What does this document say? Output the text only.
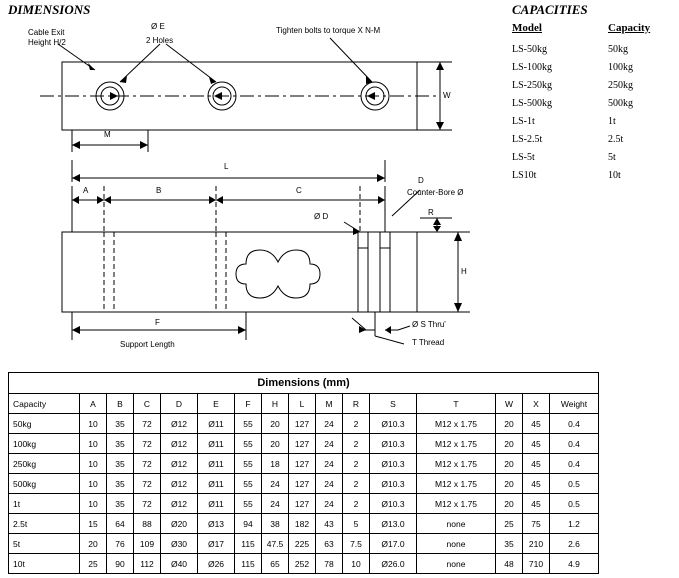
DIMENSIONS	CAPACITIES
Model	Capacity
LS-50kg	50kg
LS-100kg	100kg
LS-250kg	250kg
LS-500kg	500kg
LS-1t	1t
LS-2.5t	2.5t
LS-5t	5t
LS10t	10t
Cable Exit
Height H/2
Ø E
2 Holes
Tighten bolts to torque X N-M
W
M
L
A	B	C
D
Counter-Bore Ø
Ø D	R
H
F
Support Length
Ø S Thru'
T Thread
Dimensions (mm)															
Capacity	A	B	C	D	E	F	H	L	M	R	S	T	W	X	Weight
50kg	10	35	72	Ø12	Ø11	55	20	127	24	2	Ø10.3	M12 x 1.75	20	45	0.4
100kg	10	35	72	Ø12	Ø11	55	20	127	24	2	Ø10.3	M12 x 1.75	20	45	0.4
250kg	10	35	72	Ø12	Ø11	55	18	127	24	2	Ø10.3	M12 x 1.75	20	45	0.4
500kg	10	35	72	Ø12	Ø11	55	24	127	24	2	Ø10.3	M12 x 1.75	20	45	0.5
1t	10	35	72	Ø12	Ø11	55	24	127	24	2	Ø10.3	M12 x 1.75	20	45	0.5
2.5t	15	64	88	Ø20	Ø13	94	38	182	43	5	Ø13.0	none	25	75	1.2
5t	20	76	109	Ø30	Ø17	115	47.5	225	63	7.5	Ø17.0	none	35	210	2.6
10t	25	90	112	Ø40	Ø26	115	65	252	78	10	Ø26.0	none	48	710	4.9
